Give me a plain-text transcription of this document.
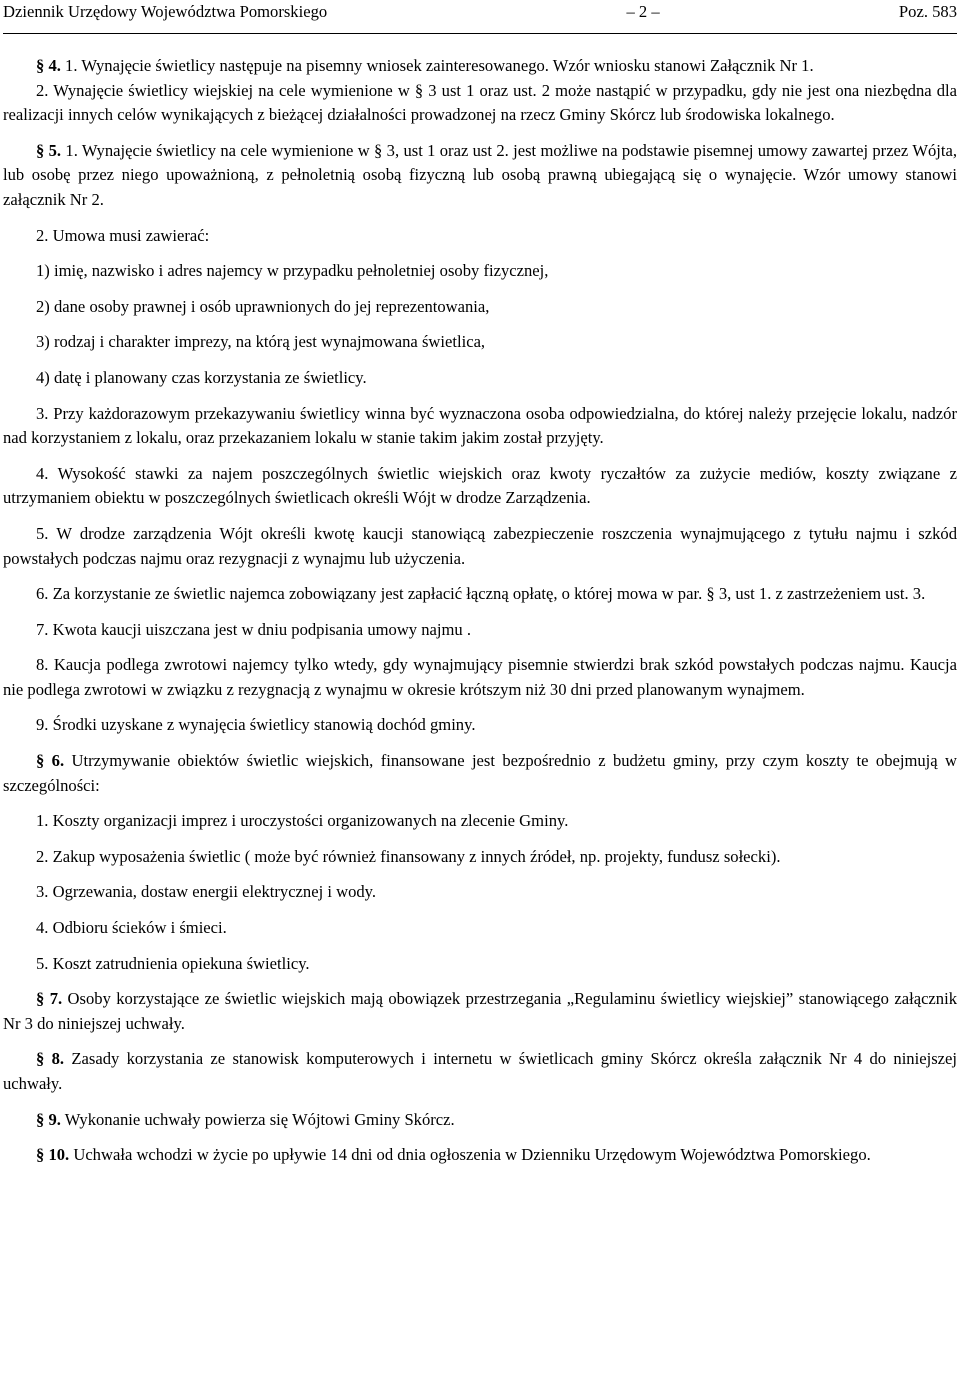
Dziennik Urzędowy Województwa Pomorskiego	– 2 –	Poz. 583

§ 4. 1. Wynajęcie świetlicy następuje na pisemny wniosek zainteresowanego. Wzór wniosku stanowi Załącznik Nr 1.

2. Wynajęcie świetlicy wiejskiej na cele wymienione w § 3 ust 1 oraz ust. 2 może nastąpić w przypadku, gdy nie jest ona niezbędna dla realizacji innych celów wynikających z bieżącej działalności prowadzonej na rzecz Gminy Skórcz lub środowiska lokalnego.

§ 5. 1. Wynajęcie świetlicy na cele wymienione w § 3, ust 1 oraz ust 2. jest możliwe na podstawie pisemnej umowy zawartej przez Wójta, lub osobę przez niego upoważnioną, z pełnoletnią osobą fizyczną lub osobą prawną ubiegającą się o wynajęcie. Wzór umowy stanowi załącznik Nr 2.

2. Umowa musi zawierać:

1) imię, nazwisko i adres najemcy w przypadku pełnoletniej osoby fizycznej,

2) dane osoby prawnej i osób uprawnionych do jej reprezentowania,

3) rodzaj i charakter imprezy, na którą jest wynajmowana świetlica,

4) datę i planowany czas korzystania ze świetlicy.

3. Przy każdorazowym przekazywaniu świetlicy winna być wyznaczona osoba odpowiedzialna, do której należy przejęcie lokalu, nadzór nad korzystaniem z lokalu, oraz przekazaniem lokalu w stanie takim jakim został przyjęty.

4. Wysokość stawki za najem poszczególnych świetlic wiejskich oraz kwoty ryczałtów za zużycie mediów, koszty związane z utrzymaniem obiektu w poszczególnych świetlicach określi Wójt w drodze Zarządzenia.

5. W drodze zarządzenia Wójt określi kwotę kaucji stanowiącą zabezpieczenie roszczenia wynajmującego z tytułu najmu i szkód powstałych podczas najmu oraz rezygnacji z wynajmu lub użyczenia.

6. Za korzystanie ze świetlic najemca zobowiązany jest zapłacić łączną opłatę, o której mowa w par. § 3, ust 1. z zastrzeżeniem ust. 3.

7. Kwota kaucji uiszczana jest w dniu podpisania umowy najmu .

8. Kaucja podlega zwrotowi najemcy tylko wtedy, gdy wynajmujący pisemnie stwierdzi brak szkód powstałych podczas najmu. Kaucja nie podlega zwrotowi w związku z rezygnacją z wynajmu w okresie krótszym niż 30 dni przed planowanym wynajmem.

9. Środki uzyskane z wynajęcia świetlicy stanowią dochód gminy.

§ 6. Utrzymywanie obiektów świetlic wiejskich, finansowane jest bezpośrednio z budżetu gminy, przy czym koszty te obejmują w szczególności:

1. Koszty organizacji imprez i uroczystości organizowanych na zlecenie Gminy.

2. Zakup wyposażenia świetlic ( może być również finansowany z innych źródeł, np. projekty, fundusz sołecki).

3. Ogrzewania, dostaw energii elektrycznej i wody.

4. Odbioru ścieków i śmieci.

5. Koszt zatrudnienia opiekuna świetlicy.

§ 7. Osoby korzystające ze świetlic wiejskich mają obowiązek przestrzegania „Regulaminu świetlicy wiejskiej” stanowiącego załącznik Nr 3 do niniejszej uchwały.

§ 8. Zasady korzystania ze stanowisk komputerowych i internetu w świetlicach gminy Skórcz określa załącznik Nr 4 do niniejszej uchwały.

§ 9. Wykonanie uchwały powierza się Wójtowi Gminy Skórcz.

§ 10. Uchwała wchodzi w życie po upływie 14 dni od dnia ogłoszenia w Dzienniku Urzędowym Województwa Pomorskiego.
